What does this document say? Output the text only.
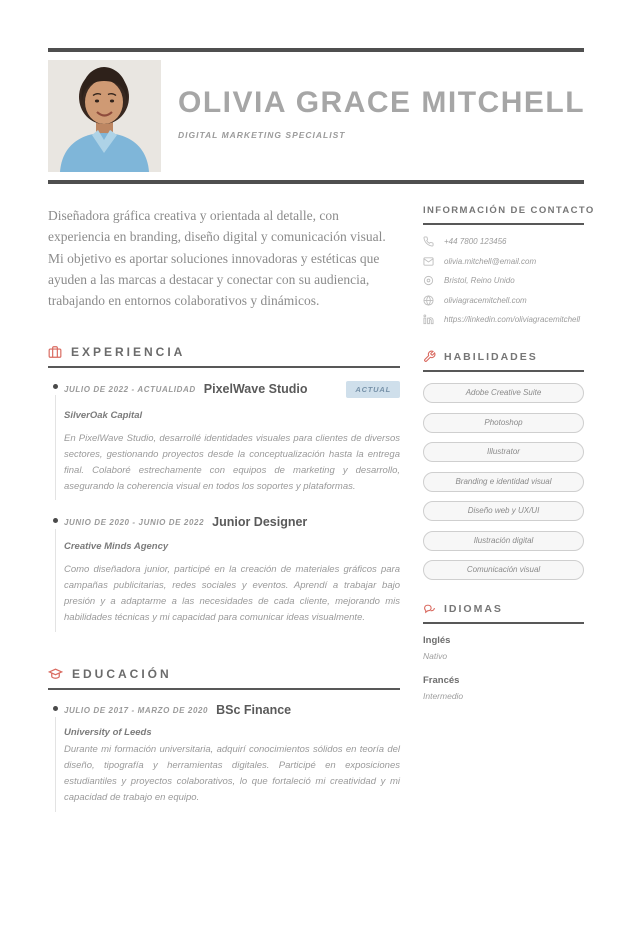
OLIVIA GRACE MITCHELL
DIGITAL MARKETING SPECIALIST

Diseñadora gráfica creativa y orientada al detalle, con experiencia en branding, diseño digital y comunicación visual. Mi objetivo es aportar soluciones innovadoras y estéticas que ayuden a las marcas a destacar y conectar con su audiencia, trabajando en entornos colaborativos y dinámicos.

EXPERIENCIA
JULIO DE 2022 - ACTUALIDAD PixelWave Studio	ACTUAL
SilverOak Capital
En PixelWave Studio, desarrollé identidades visuales para clientes de diversos sectores, gestionando proyectos desde la conceptualización hasta la entrega final. Colaboré estrechamente con equipos de marketing y desarrollo, asegurando la coherencia visual en todos los soportes y plataformas.
JUNIO DE 2020 - JUNIO DE 2022 Junior Designer
Creative Minds Agency
Como diseñadora junior, participé en la creación de materiales gráficos para campañas publicitarias, redes sociales y eventos. Aprendí a trabajar bajo presión y a adaptarme a las necesidades de cada cliente, mejorando mis habilidades técnicas y mi capacidad para comunicar ideas visualmente.
EDUCACIÓN
JULIO DE 2017 - MARZO DE 2020 BSc Finance
University of Leeds
Durante mi formación universitaria, adquirí conocimientos sólidos en teoría del diseño, tipografía y herramientas digitales. Participé en exposiciones estudiantiles y proyectos colaborativos, lo que fortaleció mi creatividad y mi capacidad de trabajo en equipo.
INFORMACIÓN DE CONTACTO
+44 7800 123456
olivia.mitchell@email.com
Bristol, Reino Unido
oliviagracemitchell.com
https://linkedin.com/oliviagracemitchell
HABILIDADES
Adobe Creative Suite
Photoshop
Illustrator
Branding e identidad visual
Diseño web y UX/UI
Ilustración digital
Comunicación visual
IDIOMAS
Inglés
Nativo
Francés
Intermedio
